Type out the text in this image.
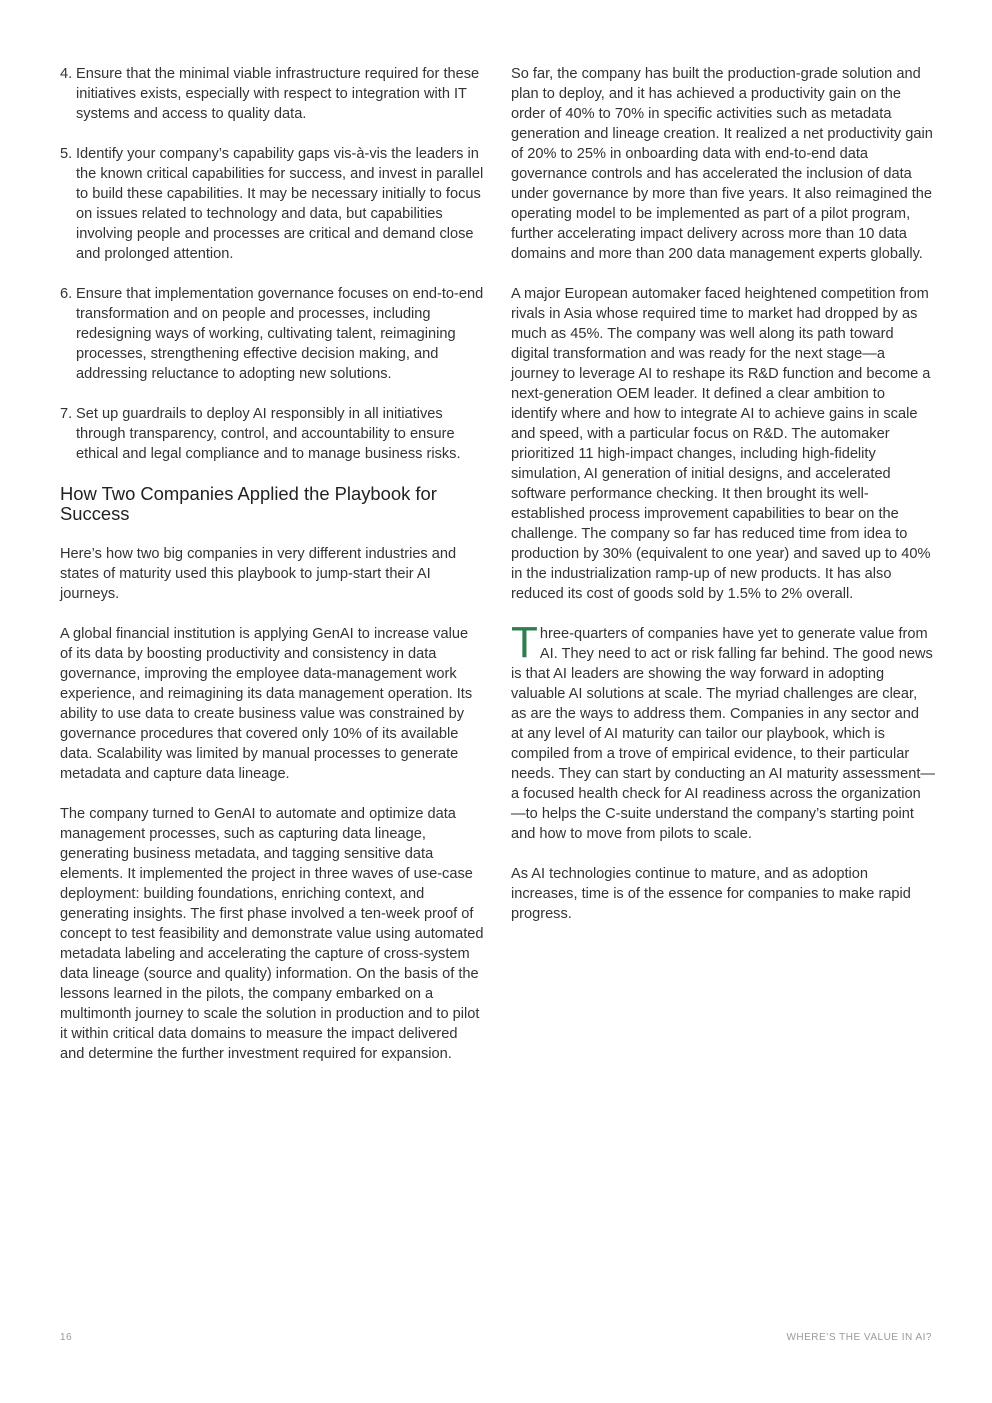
4. Ensure that the minimal viable infrastructure required for these initiatives exists, especially with respect to integration with IT systems and access to quality data.
5. Identify your company’s capability gaps vis-à-vis the leaders in the known critical capabilities for success, and invest in parallel to build these capabilities. It may be necessary initially to focus on issues related to technology and data, but capabilities involving people and processes are critical and demand close and prolonged attention.
6. Ensure that implementation governance focuses on end-to-end transformation and on people and processes, including redesigning ways of working, cultivating talent, reimagining processes, strengthening effective decision making, and addressing reluctance to adopting new solutions.
7. Set up guardrails to deploy AI responsibly in all initiatives through transparency, control, and accountability to ensure ethical and legal compliance and to manage business risks.
How Two Companies Applied the Playbook for Success

Here’s how two big companies in very different industries and states of maturity used this playbook to jump-start their AI journeys.

A global financial institution is applying GenAI to increase value of its data by boosting productivity and consistency in data governance, improving the employee data-management work experience, and reimagining its data management operation. Its ability to use data to create business value was constrained by governance procedures that covered only 10% of its available data. Scalability was limited by manual processes to generate metadata and capture data lineage.

The company turned to GenAI to automate and optimize data management processes, such as capturing data lineage, generating business metadata, and tagging sensitive data elements. It implemented the project in three waves of use-case deployment: building foundations, enriching context, and generating insights. The first phase involved a ten-week proof of concept to test feasibility and demonstrate value using automated metadata labeling and accelerating the capture of cross-system data lineage (source and quality) information. On the basis of the lessons learned in the pilots, the company embarked on a multimonth journey to scale the solution in production and to pilot it within critical data domains to measure the impact delivered and determine the further investment required for expansion.

So far, the company has built the production-grade solution and plan to deploy, and it has achieved a productivity gain on the order of 40% to 70% in specific activities such as metadata generation and lineage creation. It realized a net productivity gain of 20% to 25% in onboarding data with end-to-end data governance controls and has accelerated the inclusion of data under governance by more than five years. It also reimagined the operating model to be implemented as part of a pilot program, further accelerating impact delivery across more than 10 data domains and more than 200 data management experts globally.

A major European automaker faced heightened competition from rivals in Asia whose required time to market had dropped by as much as 45%. The company was well along its path toward digital transformation and was ready for the next stage—a journey to leverage AI to reshape its R&D function and become a next-generation OEM leader. It defined a clear ambition to identify where and how to integrate AI to achieve gains in scale and speed, with a particular focus on R&D. The automaker prioritized 11 high-impact changes, including high-fidelity simulation, AI generation of initial designs, and accelerated software performance checking. It then brought its well-established process improvement capabilities to bear on the challenge. The company so far has reduced time from idea to production by 30% (equivalent to one year) and saved up to 40% in the industrialization ramp-up of new products. It has also reduced its cost of goods sold by 1.5% to 2% overall.

Three-quarters of companies have yet to generate value from AI. They need to act or risk falling far behind. The good news is that AI leaders are showing the way forward in adopting valuable AI solutions at scale. The myriad challenges are clear, as are the ways to address them. Companies in any sector and at any level of AI maturity can tailor our playbook, which is compiled from a trove of empirical evidence, to their particular needs. They can start by conducting an AI maturity assessment—a focused health check for AI readiness across the organization—to helps the C-suite understand the company’s starting point and how to move from pilots to scale.

As AI technologies continue to mature, and as adoption increases, time is of the essence for companies to make rapid progress.

16	WHERE’S THE VALUE IN AI?
